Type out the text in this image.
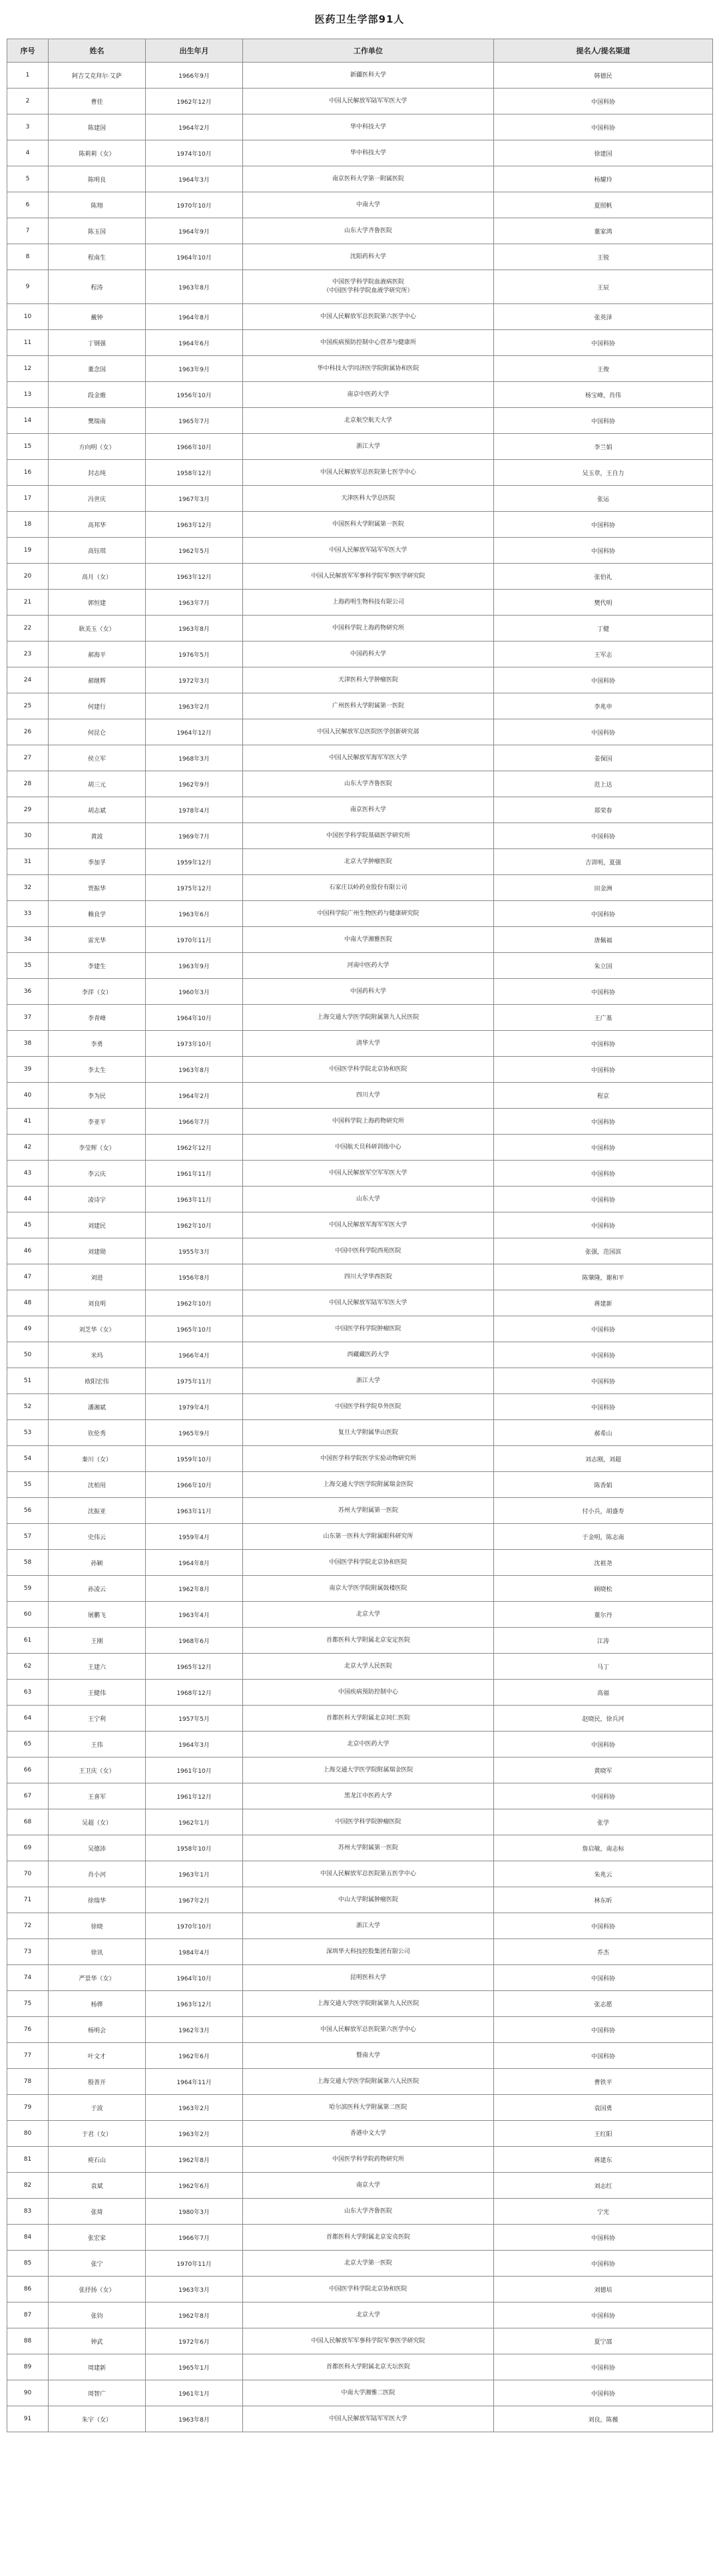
医药卫生学部91人
序号	姓名	出生年月	工作单位	提名人/提名渠道
1	阿吉艾克拜尔·艾萨	1966年9月	新疆医科大学	韩德民
2	曹佳	1962年12月	中国人民解放军陆军军医大学	中国科协
3	陈建国	1964年2月	华中科技大学	中国科协
4	陈莉莉（女）	1974年10月	华中科技大学	徐建国
5	陈明良	1964年3月	南京医科大学第一附属医院	杨耀玲
6	陈翔	1970年10月	中南大学	夏照帆
7	陈玉国	1964年9月	山东大学齐鲁医院	董家鸿
8	程南生	1964年10月	沈阳药科大学	王锐
9	程涛	1963年8月	中国医学科学院血液病医院
（中国医学科学院血液学研究所）	王辰
10	戴钟	1964年8月	中国人民解放军总医院第六医学中心	张英泽
11	丁钢强	1964年6月	中国疾病预防控制中心营养与健康所	中国科协
12	董念国	1963年9月	华中科技大学同济医学院附属协和医院	王俊
13	段金廒	1956年10月	南京中医药大学	杨宝峰，肖伟
14	樊瑞南	1965年7月	北京航空航天大学	中国科协
15	方向明（女）	1966年10月	浙江大学	李兰娟
16	封志纯	1958年12月	中国人民解放军总医院第七医学中心	吴玉章，王自力
17	冯世庆	1967年3月	天津医科大学总医院	张运
18	高邦华	1963年12月	中国医科大学附属第一医院	中国科协
19	高钰琪	1962年5月	中国人民解放军陆军军医大学	中国科协
20	高月（女）	1963年12月	中国人民解放军军事科学院军事医学研究院	张伯礼
21	郭恒建	1963年7月	上海药明生物科技有限公司	樊代明
22	耿美玉（女）	1963年8月	中国科学院上海药物研究所	丁健
23	郝海平	1976年5月	中国药科大学	王军志
24	郝继辉	1972年3月	天津医科大学肿瘤医院	中国科协
25	何建行	1963年2月	广州医科大学附属第一医院	李兆申
26	何昆仑	1964年12月	中国人民解放军总医院医学创新研究部	中国科协
27	侯立军	1968年3月	中国人民解放军海军军医大学	姜保国
28	胡三元	1962年9月	山东大学齐鲁医院	范上达
29	胡志斌	1978年4月	南京医科大学	郑荣春
30	黄波	1969年7月	中国医学科学院基础医学研究所	中国科协
31	季加孚	1959年12月	北京大学肿瘤医院	吉训明，夏强
32	贾振华	1975年12月	石家庄以岭药业股份有限公司	田金洲
33	赖良学	1963年6月	中国科学院广州生物医药与健康研究院	中国科协
34	雷光华	1970年11月	中南大学湘雅医院	唐佩福
35	李建生	1963年9月	河南中医药大学	朱立国
36	李萍（女）	1960年3月	中国药科大学	中国科协
37	李青峰	1964年10月	上海交通大学医学院附属第九人民医院	王广基
38	李勇	1973年10月	清华大学	中国科协
39	李太生	1963年8月	中国医学科学院北京协和医院	中国科协
40	李为民	1964年2月	四川大学	程京
41	李亚平	1966年7月	中国科学院上海药物研究所	中国科协
42	李莹辉（女）	1962年12月	中国航天员科研训练中心	中国科协
43	李云庆	1961年11月	中国人民解放军空军军医大学	中国科协
44	凌诗宇	1963年11月	山东大学	中国科协
45	刘建民	1962年10月	中国人民解放军海军军医大学	中国科协
46	刘建勋	1955年3月	中国中医科学院西苑医院	张强，范国滨
47	刘进	1956年8月	四川大学华西医院	陈肇隆，谢和平
48	刘良明	1962年10月	中国人民解放军陆军军医大学	蒋建新
49	刘芝华（女）	1965年10月	中国医学科学院肿瘤医院	中国科协
50	米玛	1966年4月	西藏藏医药大学	中国科协
51	欧阳宏伟	1975年11月	浙江大学	中国科协
52	潘湘斌	1979年4月	中国医学科学院阜外医院	中国科协
53	钦伦秀	1965年9月	复旦大学附属华山医院	郝希山
54	秦川（女）	1959年10月	中国医学科学院医学实验动物研究所	刘志刚，刘超
55	沈柏用	1966年10月	上海交通大学医学院附属瑞金医院	陈香娟
56	沈振亚	1963年11月	苏州大学附属第一医院	付小兵，胡盛寿
57	史伟云	1959年4月	山东第一医科大学附属眼科研究所	于金明，陈志南
58	孙颖	1964年8月	中国医学科学院北京协和医院	沈祖尧
59	孙凌云	1962年8月	南京大学医学院附属鼓楼医院	顾晓松
60	屠鹏飞	1963年4月	北京大学	董尔丹
61	王刚	1968年6月	首都医科大学附属北京安定医院	江涛
62	王建六	1965年12月	北京大学人民医院	马丁
63	王健伟	1968年12月	中国疾病预防控制中心	高福
64	王宁利	1957年5月	首都医科大学附属北京同仁医院	赵晓民，徐兵河
65	王伟	1964年3月	北京中医药大学	中国科协
66	王卫庆（女）	1961年10月	上海交通大学医学院附属瑞金医院	黄晓军
67	王喜军	1961年12月	黑龙江中医药大学	中国科协
68	吴超（女）	1962年1月	中国医学科学院肿瘤医院	张学
69	吴德沛	1958年10月	苏州大学附属第一医院	詹启敏，南志标
70	肖小河	1963年1月	中国人民解放军总医院第五医学中心	朱兆云
71	徐瑞华	1967年2月	中山大学附属肿瘤医院	林东昕
72	徐晓	1970年10月	浙江大学	中国科协
73	徐讯	1984年4月	深圳华大科技控股集团有限公司	乔杰
74	严景华（女）	1964年10月	昆明医科大学	中国科协
75	杨骅	1963年12月	上海交通大学医学院附属第九人民医院	张志愿
76	杨明会	1962年3月	中国人民解放军总医院第六医学中心	中国科协
77	叶文才	1962年6月	暨南大学	中国科协
78	殷善开	1964年11月	上海交通大学医学院附属第六人民医院	曹铁平
79	于波	1963年2月	哈尔滨医科大学附属第二医院	袁国勇
80	于君（女）	1963年2月	香港中文大学	王红阳
81	庾石山	1962年8月	中国医学科学院药物研究所	蒋建东
82	袁斌	1962年6月	南京大学	刘志红
83	张琦	1980年3月	山东大学齐鲁医院	宁光
84	张宏家	1966年7月	首都医科大学附属北京安贞医院	中国科协
85	张宁	1970年11月	北京大学第一医院	中国科协
86	张抒扬（女）	1963年3月	中国医学科学院北京协和医院	刘德培
87	张钧	1962年8月	北京大学	中国科协
88	钟武	1972年6月	中国人民解放军军事科学院军事医学研究院	夏宁邵
89	周建新	1965年1月	首都医科大学附属北京天坛医院	中国科协
90	周智广	1961年1月	中南大学湘雅二医院	中国科协
91	朱宇（女）	1963年8月	中国人民解放军陆军军医大学	刘良，陈薇
